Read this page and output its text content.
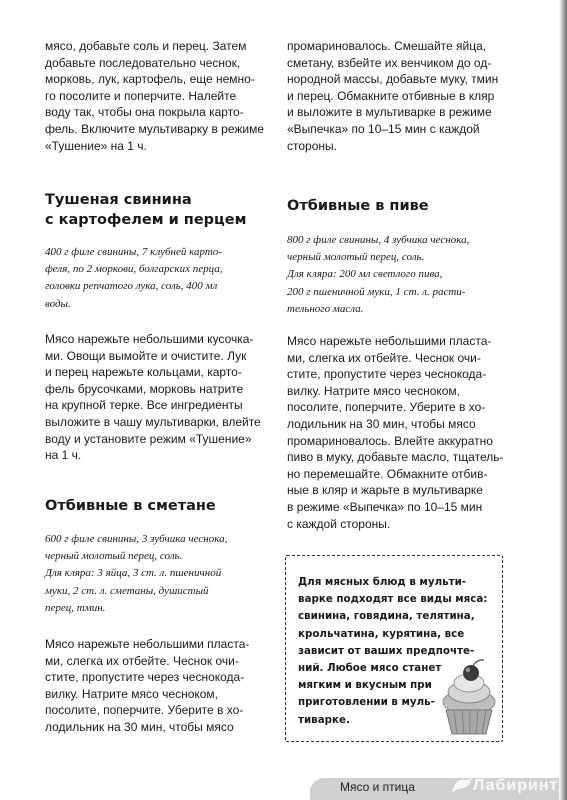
мясо, добавьте соль и перец. Затем
добавьте последовательно чеснок,
морковь, лук, картофель, еще немно-
го посолите и поперчите. Налейте
воду так, чтобы она покрыла карто-
фель. Включите мультиварку в режиме
«Тушение» на 1 ч.

Тушеная свинина
с картофелем и перцем

400 г филе свинины, 7 клубней карто-
феля, по 2 моркови, болгарских перца,
головки репчатого лука, соль, 400 мл
воды.

Мясо нарежьте небольшими кусочка-
ми. Овощи вымойте и очистите. Лук
и перец нарежьте кольцами, карто-
фель брусочками, морковь натрите
на крупной терке. Все ингредиенты
выложите в чашу мультиварки, влейте
воду и установите режим «Тушение»
на 1 ч.

Отбивные в сметане

600 г филе свинины, 3 зубчика чеснока,
черный молотый перец, соль.
Для кляра: 3 яйца, 3 ст. л. пшеничной
муки, 2 ст. л. сметаны, душистый
перец, тмин.

Мясо нарежьте небольшими пласта-
ми, слегка их отбейте. Чеснок очи-
стите, пропустите через чеснокода-
вилку. Натрите мясо чесноком,
посолите, поперчите. Уберите в хо-
лодильник на 30 мин, чтобы мясо

промариновалось. Смешайте яйца,
сметану, взбейте их венчиком до од-
нородной массы, добавьте муку, тмин
и перец. Обмакните отбивные в кляр
и выложите в мультиварке в режиме
«Выпечка» по 10–15 мин с каждой
стороны.

Отбивные в пиве

800 г филе свинины, 4 зубчика чеснока,
черный молотый перец, соль.
Для кляра: 200 мл светлого пива,
200 г пшеничной муки, 1 ст. л. расти-
тельного масла.

Мясо нарежьте небольшими пласта-
ми, слегка их отбейте. Чеснок очи-
стите, пропустите через чеснокода-
вилку. Натрите мясо чесноком,
посолите, поперчите. Уберите в хо-
лодильник на 30 мин, чтобы мясо
промариновалось. Влейте аккуратно
пиво в муку, добавьте масло, тщатель-
но перемешайте. Обмакните отбив-
ные в кляр и жарьте в мультиварке
в режиме «Выпечка» по 10–15 мин
с каждой стороны.

Для мясных блюд в мульти-
варке подходят все виды мяса:
свинина, говядина, телятина,
крольчатина, курятина, все
зависит от ваших предпочте-
ний. Любое мясо станет
мягким и вкусным при
приготовлении в муль-
тиварке.

Мясо и птица	Лабиринт
